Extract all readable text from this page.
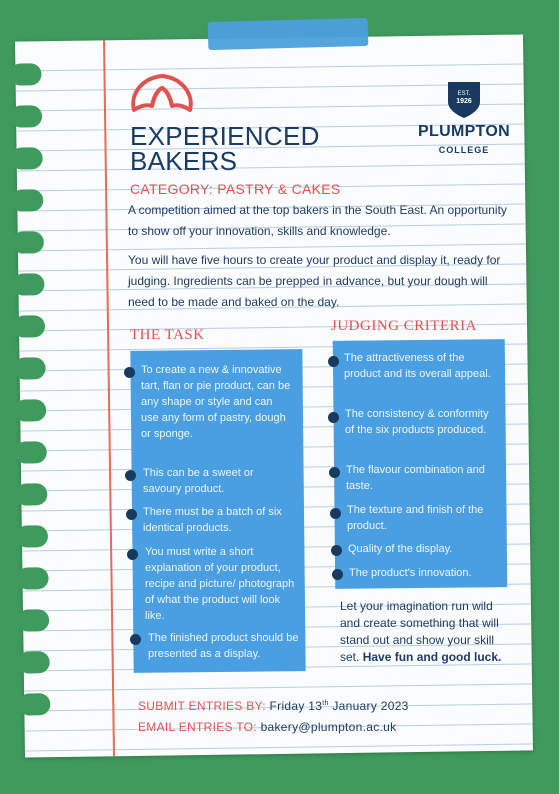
EST.
1926
PLUMPTON
COLLEGE
EXPERIENCED
BAKERS
CATEGORY: PASTRY & CAKES
A competition aimed at the top bakers in the South East. An opportunity to show off your innovation, skills and knowledge.
You will have five hours to create your product and display it, ready for judging. Ingredients can be prepped in advance, but your dough will need to be made and baked on the day.
THE TASK
To create a new & innovative tart, flan or pie product, can be any shape or style and can use any form of pastry, dough or sponge.
This can be a sweet or savoury product.
There must be a batch of six identical products.
You must write a short explanation of your product, recipe and picture/ photograph of what the product will look like.
The finished product should be presented as a display.
JUDGING CRITERIA
The attractiveness of the product and its overall appeal.
The consistency & conformity of the six products produced.
The flavour combination and taste.
The texture and finish of the product.
Quality of the display.
The product's innovation.
Let your imagination run wild and create something that will stand out and show your skill set. Have fun and good luck.
SUBMIT ENTRIES BY: Friday 13th January 2023
EMAIL ENTRIES TO: bakery@plumpton.ac.uk
